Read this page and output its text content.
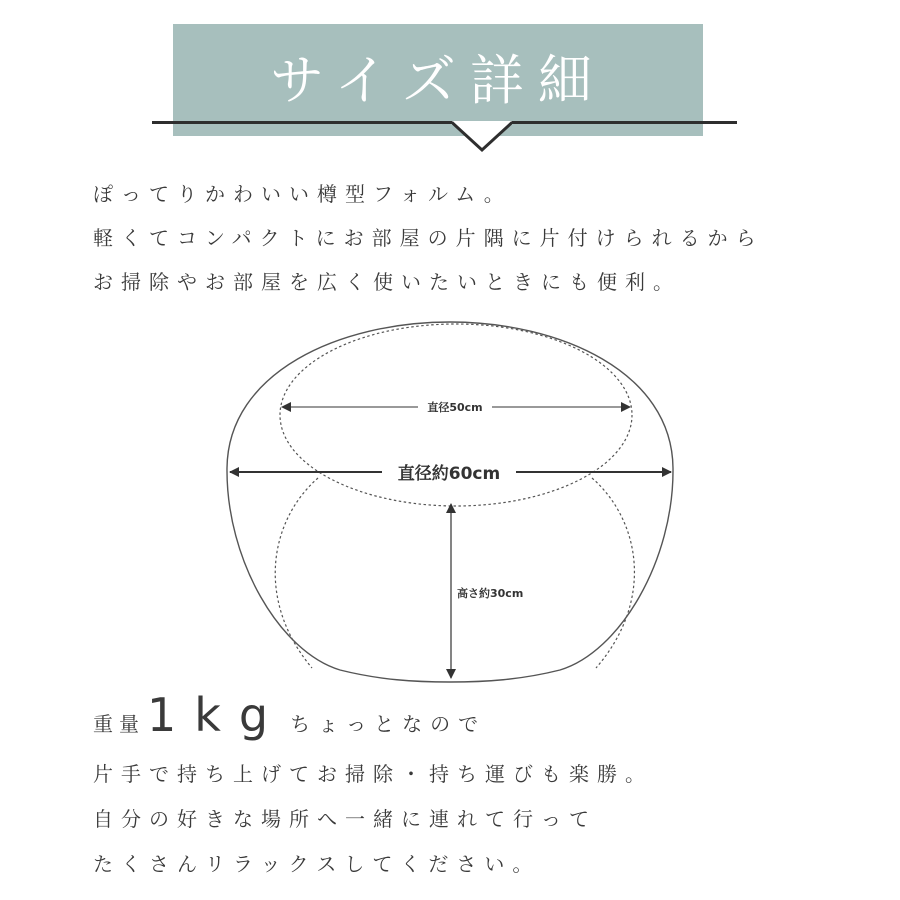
サイズ詳細
ぽってりかわいい樽型フォルム。
軽くてコンパクトにお部屋の片隅に片付けられるから
お掃除やお部屋を広く使いたいときにも便利。
直径50cm
直径約60cm
高さ約30cm
重量 1kg ちょっとなので
片手で持ち上げてお掃除・持ち運びも楽勝。
自分の好きな場所へ一緒に連れて行って
たくさんリラックスしてください。
